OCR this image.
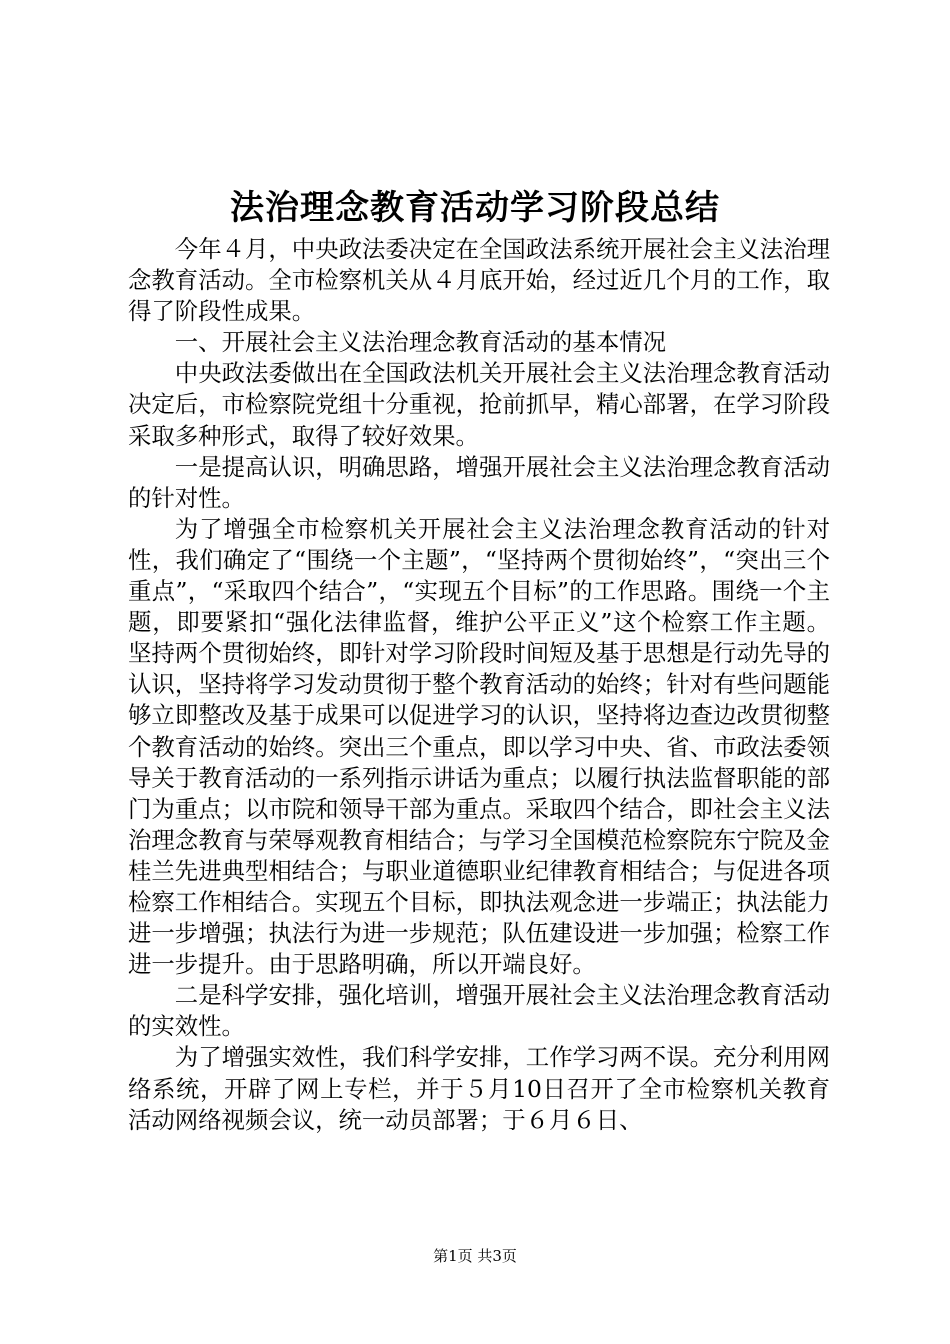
法治理念教育活动学习阶段总结

今年４月，中央政法委决定在全国政法系统开展社会主义法治理念教育活动。全市检察机关从４月底开始，经过近几个月的工作，取得了阶段性成果。

一、开展社会主义法治理念教育活动的基本情况

中央政法委做出在全国政法机关开展社会主义法治理念教育活动决定后，市检察院党组十分重视，抢前抓早，精心部署，在学习阶段采取多种形式，取得了较好效果。

一是提高认识，明确思路，增强开展社会主义法治理念教育活动的针对性。

为了增强全市检察机关开展社会主义法治理念教育活动的针对性，我们确定了“围绕一个主题”，“坚持两个贯彻始终”，“突出三个重点”，“采取四个结合”，“实现五个目标”的工作思路。围绕一个主题，即要紧扣“强化法律监督，维护公平正义”这个检察工作主题。坚持两个贯彻始终，即针对学习阶段时间短及基于思想是行动先导的认识，坚持将学习发动贯彻于整个教育活动的始终；针对有些问题能够立即整改及基于成果可以促进学习的认识，坚持将边查边改贯彻整个教育活动的始终。突出三个重点，即以学习中央、省、市政法委领导关于教育活动的一系列指示讲话为重点；以履行执法监督职能的部门为重点；以市院和领导干部为重点。采取四个结合，即社会主义法治理念教育与荣辱观教育相结合；与学习全国模范检察院东宁院及金桂兰先进典型相结合；与职业道德职业纪律教育相结合；与促进各项检察工作相结合。实现五个目标，即执法观念进一步端正；执法能力进一步增强；执法行为进一步规范；队伍建设进一步加强；检察工作进一步提升。由于思路明确，所以开端良好。

二是科学安排，强化培训，增强开展社会主义法治理念教育活动的实效性。

为了增强实效性，我们科学安排，工作学习两不误。充分利用网络系统，开辟了网上专栏，并于５月10日召开了全市检察机关教育活动网络视频会议，统一动员部署；于６月６日、

第1页 共3页
